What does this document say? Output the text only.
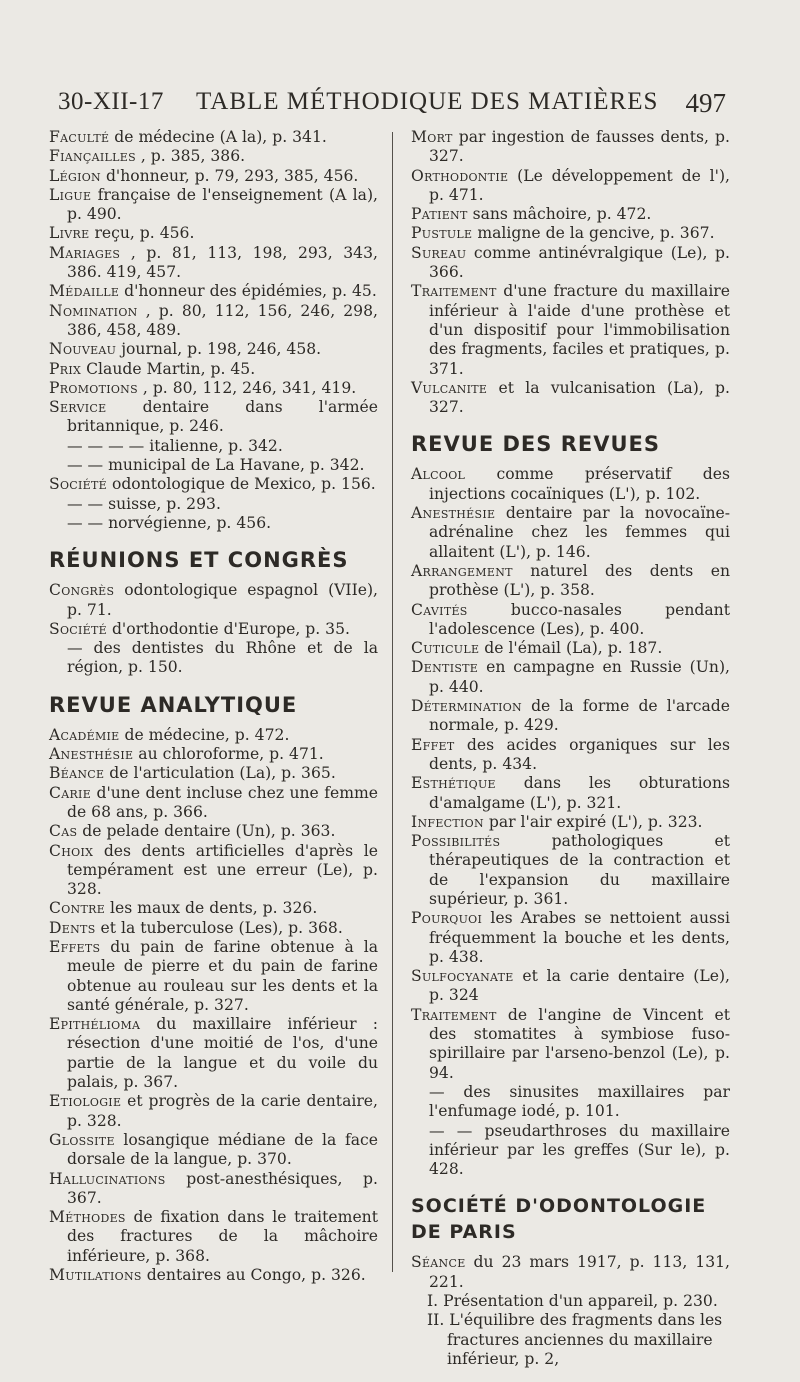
30-XII-17 TABLE MÉTHODIQUE DES MATIÈRES 497
Faculté de médecine (A la), p. 341.
Fiançailles , p. 385, 386.
Légion d'honneur, p. 79, 293, 385, 456.
Ligue française de l'enseignement (A la), p. 490.
Livre reçu, p. 456.
Mariages , p. 81, 113, 198, 293, 343, 386. 419, 457.
Médaille d'honneur des épidémies, p. 45.
Nomination , p. 80, 112, 156, 246, 298, 386, 458, 489.
Nouveau journal, p. 198, 246, 458.
Prix Claude Martin, p. 45.
Promotions , p. 80, 112, 246, 341, 419.
Service dentaire dans l'armée britannique, p. 246.
— — — — italienne, p. 342.
— — municipal de La Havane, p. 342.
Société odontologique de Mexico, p. 156.
— — suisse, p. 293.
— — norvégienne, p. 456.
RÉUNIONS ET CONGRÈS
Congrès odontologique espagnol (VIIe), p. 71.
Société d'orthodontie d'Europe, p. 35.
— des dentistes du Rhône et de la région, p. 150.
REVUE ANALYTIQUE
Académie de médecine, p. 472.
Anesthésie au chloroforme, p. 471.
Béance de l'articulation (La), p. 365.
Carie d'une dent incluse chez une femme de 68 ans, p. 366.
Cas de pelade dentaire (Un), p. 363.
Choix des dents artificielles d'après le tempérament est une erreur (Le), p. 328.
Contre les maux de dents, p. 326.
Dents et la tuberculose (Les), p. 368.
Effets du pain de farine obtenue à la meule de pierre et du pain de farine obtenue au rouleau sur les dents et la santé générale, p. 327.
Epithélioma du maxillaire inférieur : résection d'une moitié de l'os, d'une partie de la langue et du voile du palais, p. 367.
Etiologie et progrès de la carie dentaire, p. 328.
Glossite losangique médiane de la face dorsale de la langue, p. 370.
Hallucinations post-anesthésiques, p. 367.
Méthodes de fixation dans le traitement des fractures de la mâchoire inférieure, p. 368.
Mutilations dentaires au Congo, p. 326.
Mort par ingestion de fausses dents, p. 327.
Orthodontie (Le développement de l'), p. 471.
Patient sans mâchoire, p. 472.
Pustule maligne de la gencive, p. 367.
Sureau comme antinévralgique (Le), p. 366.
Traitement d'une fracture du maxillaire inférieur à l'aide d'une prothèse et d'un dispositif pour l'immobilisation des fragments, faciles et pratiques, p. 371.
Vulcanite et la vulcanisation (La), p. 327.
REVUE DES REVUES
Alcool comme préservatif des injections cocaïniques (L'), p. 102.
Anesthésie dentaire par la novocaïne-adrénaline chez les femmes qui allaitent (L'), p. 146.
Arrangement naturel des dents en prothèse (L'), p. 358.
Cavités	bucco-nasales pendant l'adolescence (Les), p. 400.
Cuticule de l'émail (La), p. 187.
Dentiste en campagne en Russie (Un), p. 440.
Détermination de la forme de l'arcade normale, p. 429.
Effet des acides organiques sur les dents, p. 434.
Esthétique dans les obturations d'amalgame (L'), p. 321.
Infection par l'air expiré (L'), p. 323.
Possibilités	pathologiques et thérapeutiques de la contraction et de l'expansion du maxillaire supérieur, p. 361.
Pourquoi les Arabes se nettoient aussi fréquemment la bouche et les dents, p. 438.
Sulfocyanate et la carie dentaire (Le), p. 324
Traitement de l'angine de Vincent et des stomatites à symbiose fuso-spirillaire par l'arseno-benzol (Le), p. 94.
— des sinusites maxillaires par l'enfumage iodé, p. 101.
— — pseudarthroses du maxillaire inférieur par les greffes (Sur le), p. 428.
SOCIÉTÉ D'ODONTOLOGIE DE PARIS
Séance du 23 mars 1917, p. 113, 131, 221.
I. Présentation d'un appareil, p. 230.
II. L'équilibre des fragments dans les fractures anciennes du maxillaire inférieur, p. 2,
